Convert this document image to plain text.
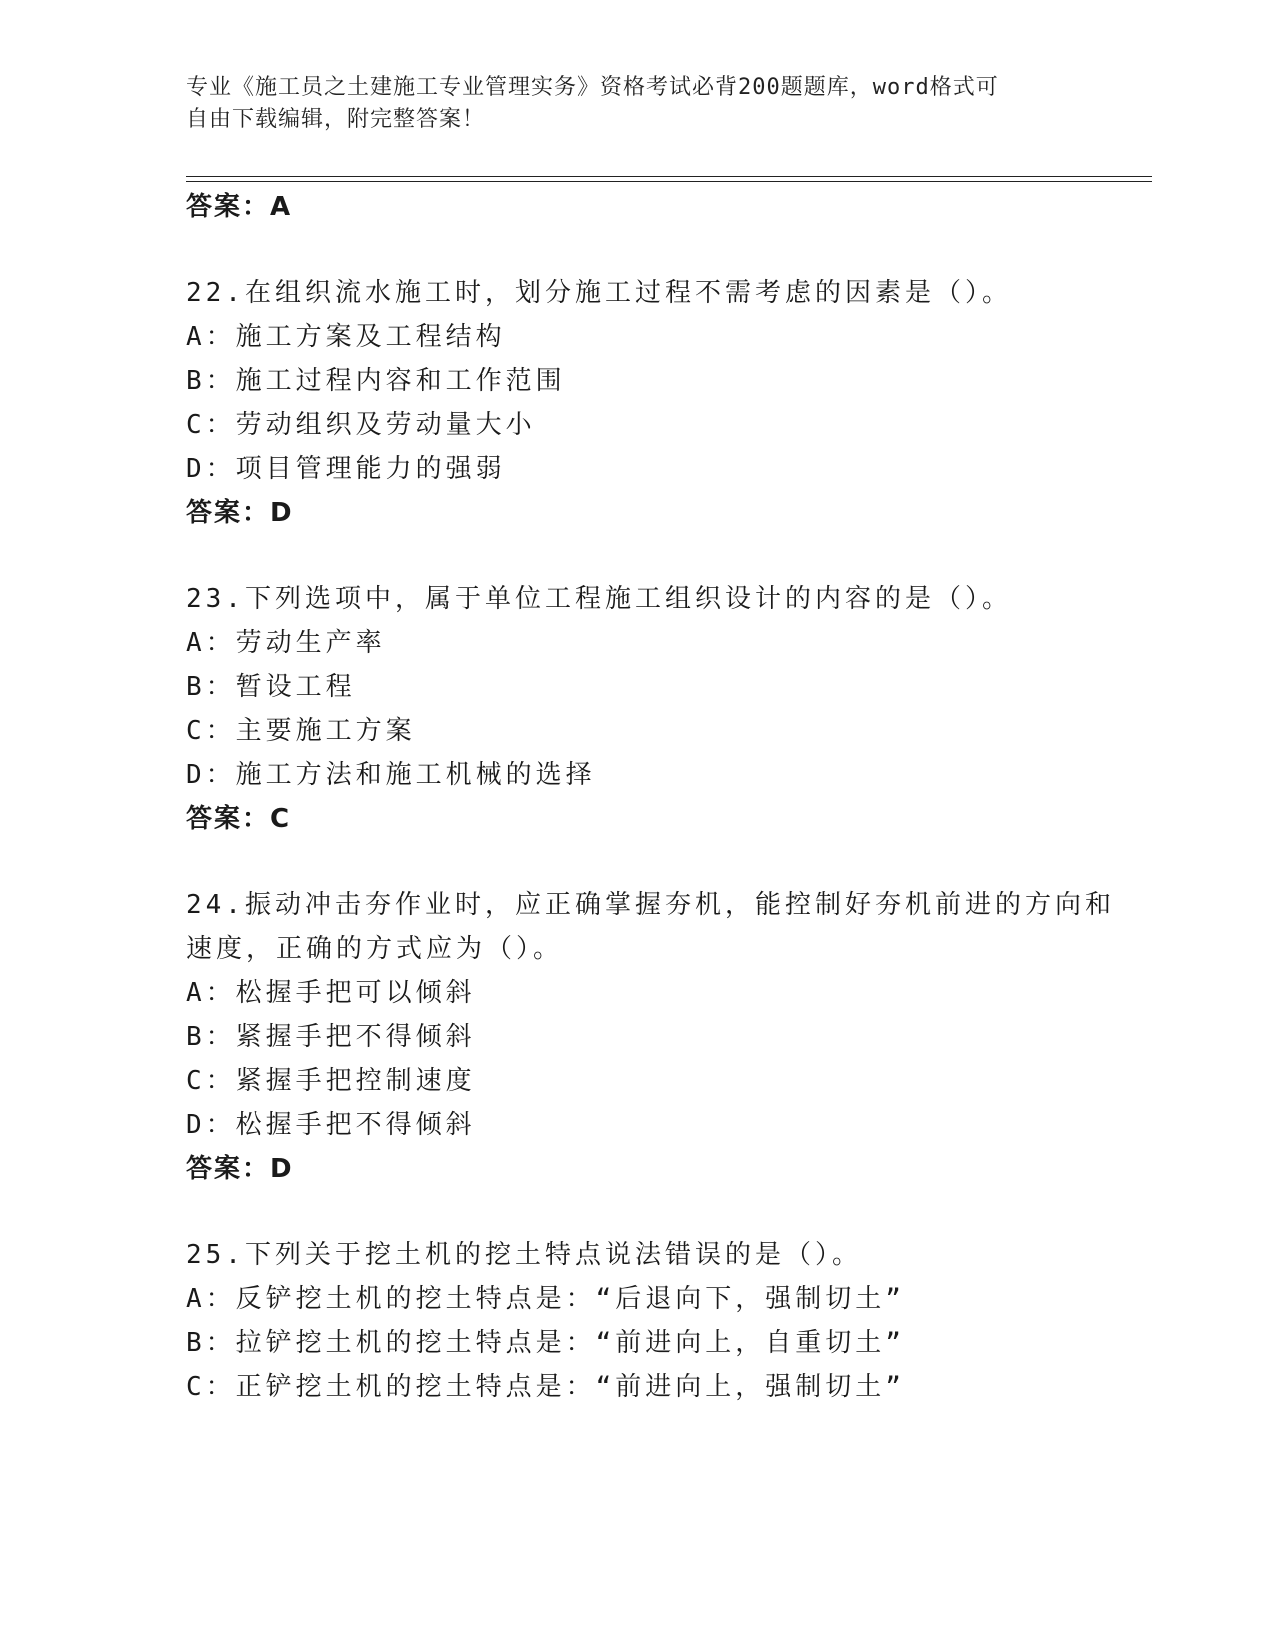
专业《施工员之土建施工专业管理实务》资格考试必背200题题库，word格式可
自由下载编辑，附完整答案！
答案：A
22.在组织流水施工时，划分施工过程不需考虑的因素是（）。
A：施工方案及工程结构
B：施工过程内容和工作范围
C：劳动组织及劳动量大小
D：项目管理能力的强弱
答案：D
23.下列选项中，属于单位工程施工组织设计的内容的是（）。
A：劳动生产率
B：暂设工程
C：主要施工方案
D：施工方法和施工机械的选择
答案：C
24.振动冲击夯作业时，应正确掌握夯机，能控制好夯机前进的方向和
速度，正确的方式应为（）。
A：松握手把可以倾斜
B：紧握手把不得倾斜
C：紧握手把控制速度
D：松握手把不得倾斜
答案：D
25.下列关于挖土机的挖土特点说法错误的是（）。
A：反铲挖土机的挖土特点是：“后退向下，强制切土”
B：拉铲挖土机的挖土特点是：“前进向上，自重切土”
C：正铲挖土机的挖土特点是：“前进向上，强制切土”
